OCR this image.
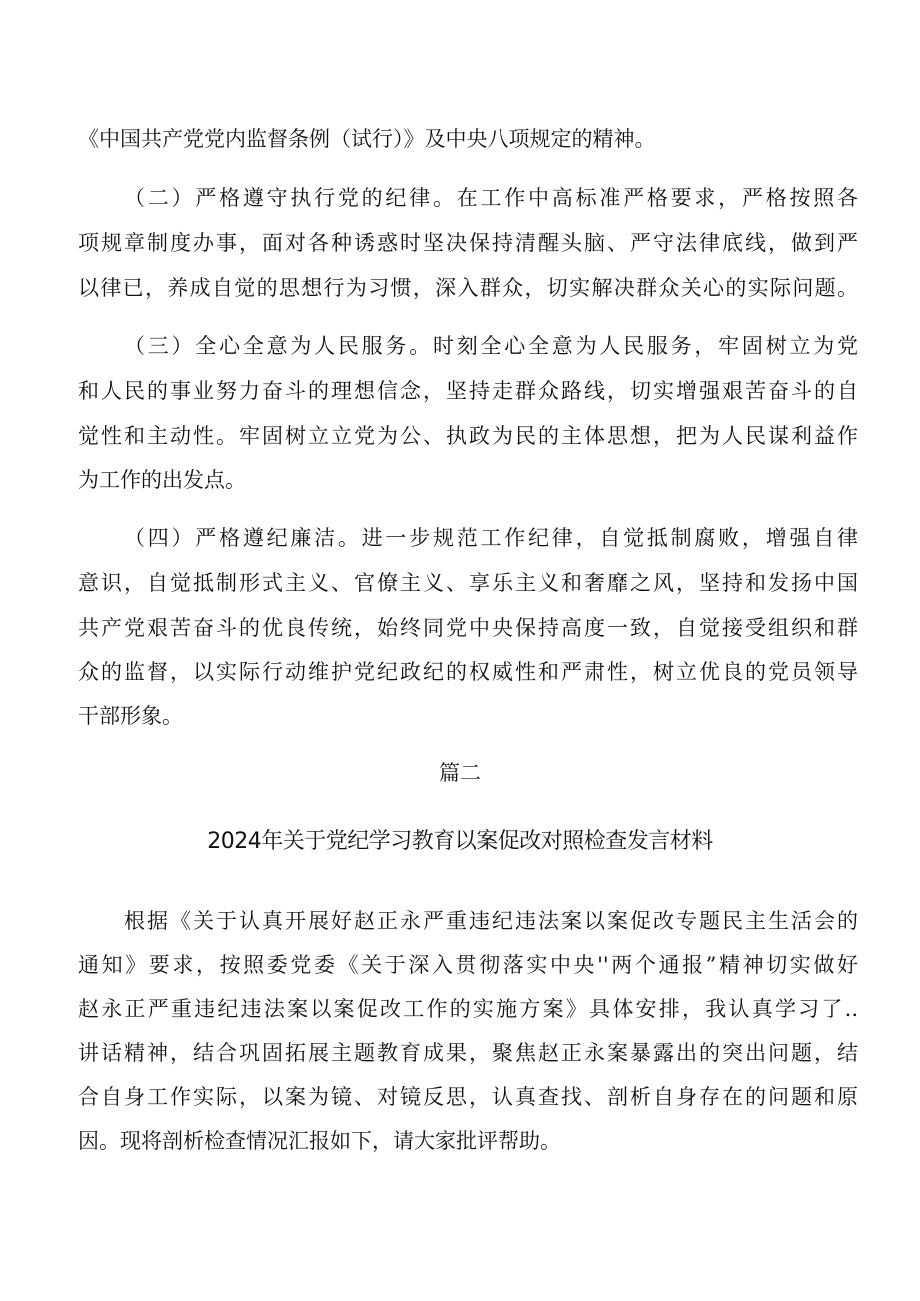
《中国共产党党内监督条例（试行）》及中央八项规定的精神。
（二）严格遵守执行党的纪律。在工作中高标准严格要求，严格按照各
项规章制度办事，面对各种诱惑时坚决保持清醒头脑、严守法律底线，做到严
以律已，养成自觉的思想行为习惯，深入群众，切实解决群众关心的实际问题。
（三）全心全意为人民服务。时刻全心全意为人民服务，牢固树立为党
和人民的事业努力奋斗的理想信念，坚持走群众路线，切实增强艰苦奋斗的自
觉性和主动性。牢固树立立党为公、执政为民的主体思想，把为人民谋利益作
为工作的出发点。
（四）严格遵纪廉洁。进一步规范工作纪律，自觉抵制腐败，增强自律
意识，自觉抵制形式主义、官僚主义、享乐主义和奢靡之风，坚持和发扬中国
共产党艰苦奋斗的优良传统，始终同党中央保持高度一致，自觉接受组织和群
众的监督，以实际行动维护党纪政纪的权威性和严肃性，树立优良的党员领导
干部形象。
篇二
2024年关于党纪学习教育以案促改对照检查发言材料
根据《关于认真开展好赵正永严重违纪违法案以案促改专题民主生活会的
通知》要求，按照委党委《关于深入贯彻落实中央''两个通报”精神切实做好
赵永正严重违纪违法案以案促改工作的实施方案》具体安排，我认真学习了..
讲话精神，结合巩固拓展主题教育成果，聚焦赵正永案暴露出的突出问题，结
合自身工作实际，以案为镜、对镜反思，认真查找、剖析自身存在的问题和原
因。现将剖析检查情况汇报如下，请大家批评帮助。
